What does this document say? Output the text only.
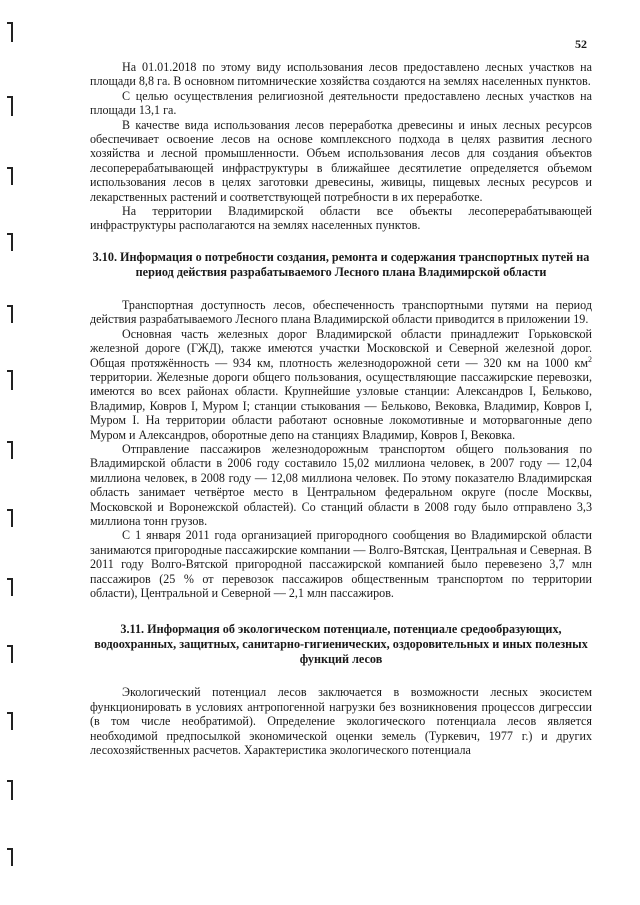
52

На 01.01.2018 по этому виду использования лесов предоставлено лесных участков на площади 8,8 га. В основном питомнические хозяйства создаются на землях населенных пунктов.

С целью осуществления религиозной деятельности предоставлено лесных участков на площади 13,1 га.

В качестве вида использования лесов переработка древесины и иных лесных ресурсов обеспечивает освоение лесов на основе комплексного подхода в целях развития лесного хозяйства и лесной промышленности. Объем использования лесов для создания объектов лесоперерабатывающей инфраструктуры в ближайшее десятилетие определяется объемом использования лесов в целях заготовки древесины, живицы, пищевых лесных ресурсов и лекарственных растений и соответствующей потребности в их переработке.

На территории Владимирской области все объекты лесоперерабатывающей инфраструктуры располагаются на землях населенных пунктов.

3.10. Информация о потребности создания, ремонта и содержания транспортных путей на период действия разрабатываемого Лесного плана Владимирской области

Транспортная доступность лесов, обеспеченность транспортными путями на период действия разрабатываемого Лесного плана Владимирской области приводится в приложении 19.

Основная часть железных дорог Владимирской области принадлежит Горьковской железной дороге (ГЖД), также имеются участки Московской и Северной железной дорог. Общая протяжённость — 934 км, плотность железнодорожной сети — 320 км на 1000 $км^2$ территории. Железные дороги общего пользования, осуществляющие пассажирские перевозки, имеются во всех районах области. Крупнейшие узловые станции: Александров I, Бельково, Владимир, Ковров I, Муром I; станции стыкования — Бельково, Вековка, Владимир, Ковров I, Муром I. На территории области работают основные локомотивные и моторвагонные депо Муром и Александров, оборотные депо на станциях Владимир, Ковров I, Вековка.

Отправление пассажиров железнодорожным транспортом общего пользования по Владимирской области в 2006 году составило 15,02 миллиона человек, в 2007 году — 12,04 миллиона человек, в 2008 году — 12,08 миллиона человек. По этому показателю Владимирская область занимает четвёртое место в Центральном федеральном округе (после Москвы, Московской и Воронежской областей). Со станций области в 2008 году было отправлено 3,3 миллиона тонн грузов.

С 1 января 2011 года организацией пригородного сообщения во Владимирской области занимаются пригородные пассажирские компании — Волго-Вятская, Центральная и Северная. В 2011 году Волго-Вятской пригородной пассажирской компанией было перевезено 3,7 млн пассажиров (25 % от перевозок пассажиров общественным транспортом по территории области), Центральной и Северной — 2,1 млн пассажиров.

3.11. Информация об экологическом потенциале, потенциале средообразующих, водоохранных, защитных, санитарно-гигиенических, оздоровительных и иных полезных функций лесов

Экологический потенциал лесов заключается в возможности лесных экосистем функционировать в условиях антропогенной нагрузки без возникновения процессов дигрессии (в том числе необратимой). Определение экологического потенциала лесов является необходимой предпосылкой экономической оценки земель (Туркевич, 1977 г.) и других лесохозяйственных расчетов. Характеристика экологического потенциала
